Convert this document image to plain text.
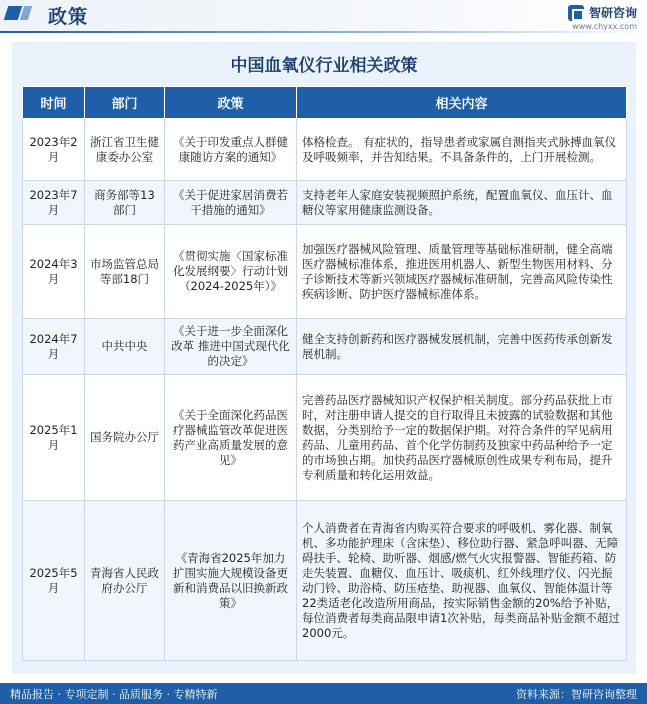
政策	智研咨询
www.chyxx.com
中国血氧仪行业相关政策
时间	部门	政策	相关内容
2023年2月	浙江省卫生健康委办公室	《关于印发重点人群健康随访方案的通知》	体格检查。 有症状的，指导患者或家属自测指夹式脉搏血氧仪及呼吸频率，并告知结果。不具备条件的，上门开展检测。
2023年7月	商务部等13部门	《关于促进家居消费若干措施的通知》	支持老年人家庭安装视频照护系统，配置血氧仪、血压计、血糖仪等家用健康监测设备。
2024年3月	市场监管总局等部18门	《贯彻实施〈国家标准化发展纲要〉行动计划（2024-2025年）》	加强医疗器械风险管理、质量管理等基础标准研制，健全高端医疗器械标准体系，推进医用机器人、新型生物医用材料、分子诊断技术等新兴领域医疗器械标准研制，完善高风险传染性疾病诊断、防护医疗器械标准体系。
2024年7月	中共中央	《关于进一步全面深化改革 推进中国式现代化的决定》	健全支持创新药和医疗器械发展机制，完善中医药传承创新发展机制。
2025年1月	国务院办公厅	《关于全面深化药品医疗器械监管改革促进医药产业高质量发展的意见》	完善药品医疗器械知识产权保护相关制度。部分药品获批上市时，对注册申请人提交的自行取得且未披露的试验数据和其他数据，分类别给予一定的数据保护期。对符合条件的罕见病用药品、儿童用药品、首个化学仿制药及独家中药品种给予一定的市场独占期。加快药品医疗器械原创性成果专利布局，提升专利质量和转化运用效益。
2025年5月	青海省人民政府办公厅	《青海省2025年加力扩围实施大规模设备更新和消费品以旧换新政策》	个人消费者在青海省内购买符合要求的呼吸机、雾化器、制氧机、多功能护理床（含床垫）、移位助行器、紧急呼叫器、无障碍扶手、轮椅、助听器、烟感/燃气火灾报警器、智能药箱、防走失装置、血糖仪、血压计、吸痰机、红外线理疗仪、闪光振动门铃、助浴椅、防压疮垫、助视器、血氧仪、智能体温计等22类适老化改造所用商品，按实际销售金额的20%给予补贴，每位消费者每类商品限申请1次补贴，每类商品补贴金额不超过2000元。
精品报告 · 专项定制 · 品质服务 · 专精特新	资料来源：智研咨询整理
